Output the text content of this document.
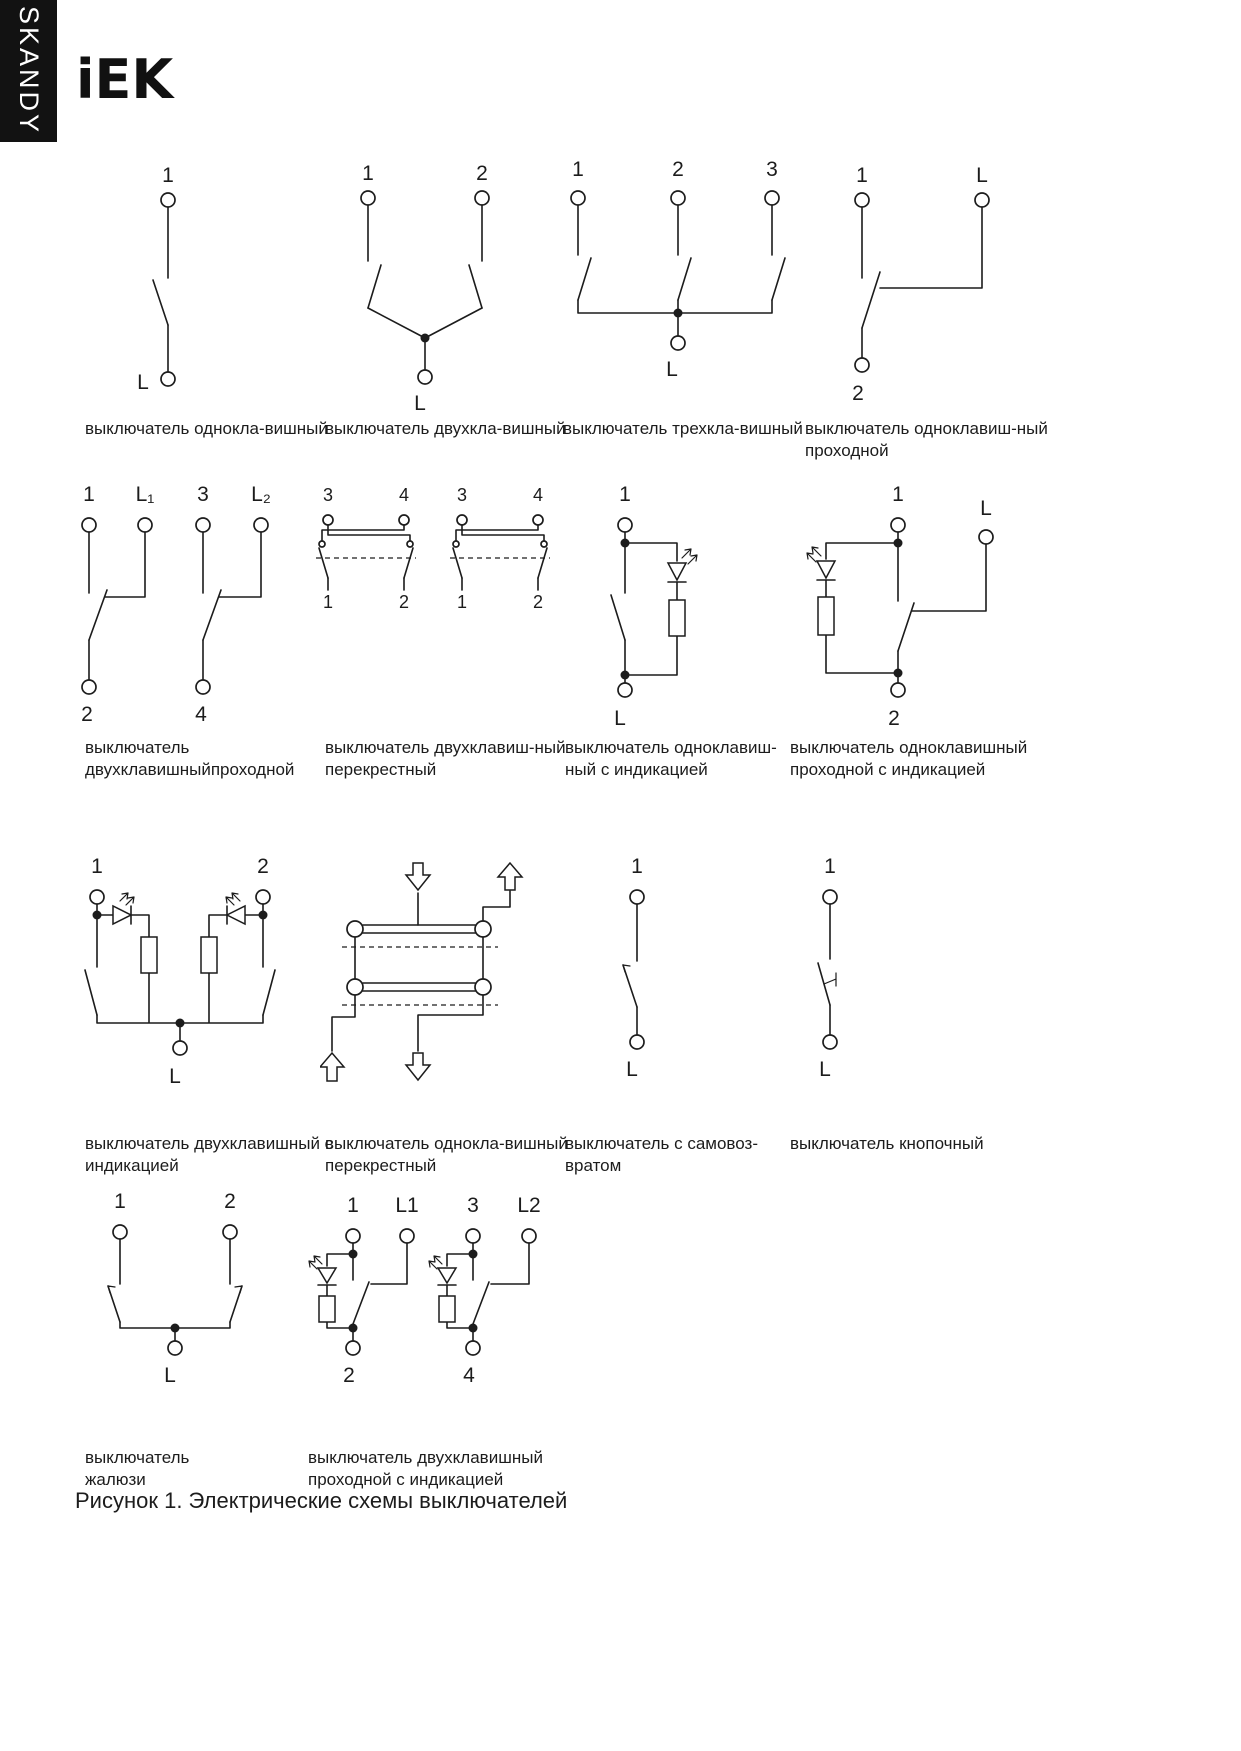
SKANDY iEK
1
L
1	2
L
1	2	3
L
1	L
2
1 L₁ 3 L₂
2	4
3	4
1	2
3	4
1	2
1
L
1
L
2
1	2
L
1
L
1
L
1	2
L
1 L1 3 L2
2	4
выключатель однокла-вишный
выключатель двухкла-вишный
выключатель трехкла-вишный выключатель одноклавиш-ный
проходной
выключатель
двухклавишныйпроходной
выключатель двухклавиш-ный
перекрестный
выключатель одноклавиш-
ный с индикацией
выключатель одноклавишный
проходной с индикацией
выключатель двухклавишный с
индикацией
выключатель однокла-вишный
перекрестный
выключатель с самовоз-
вратом
выключатель кнопочный
выключатель
жалюзи
выключатель двухклавишный
проходной с индикацией
Рисунок 1. Электрические схемы выключателей
